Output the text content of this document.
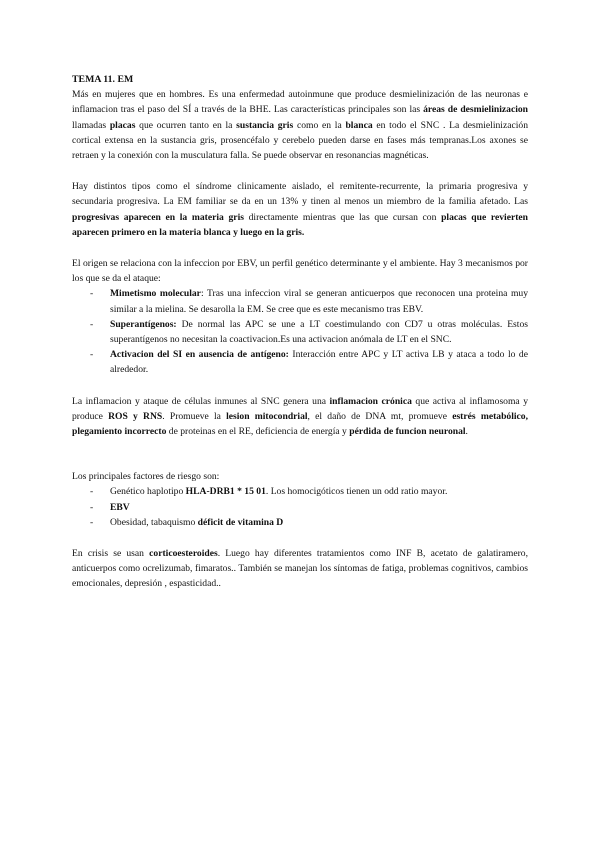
TEMA 11. EM

Más en mujeres que en hombres. Es una enfermedad autoinmune que produce desmielinización de las neuronas e inflamacion tras el paso del SÍ a través de la BHE. Las características principales son las áreas de desmielinizacion llamadas placas que ocurren tanto en la sustancia gris como en la blanca en todo el SNC . La desmielinización cortical extensa en la sustancia gris, prosencéfalo y cerebelo pueden darse en fases más tempranas.Los axones se retraen y la conexión con la musculatura falla. Se puede observar en resonancias magnéticas.

Hay distintos tipos como el síndrome clinicamente aislado, el remitente-recurrente, la primaria progresiva y secundaria progresiva. La EM familiar se da en un 13% y tinen al menos un miembro de la familia afetado. Las progresivas aparecen en la materia gris directamente mientras que las que cursan con placas que revierten aparecen primero en la materia blanca y luego en la gris.

El origen se relaciona con la infeccion por EBV, un perfil genético determinante y el ambiente. Hay 3 mecanismos por los que se da el ataque:

- Mimetismo molecular: Tras una infeccion viral se generan anticuerpos que reconocen una proteina muy similar a la mielina. Se desarolla la EM. Se cree que es este mecanismo tras EBV.
- Superantígenos: De normal las APC se une a LT coestimulando con CD7 u otras moléculas. Estos superantígenos no necesitan la coactivacion.Es una activacion anómala de LT en el SNC.
- Activacion del SI en ausencia de antígeno: Interacción entre APC y LT activa LB y ataca a todo lo de alrededor.

La inflamacion y ataque de células inmunes al SNC genera una inflamacion crónica que activa al inflamosoma y produce ROS y RNS. Promueve la lesion mitocondrial, el daño de DNA mt, promueve estrés metabólico, plegamiento incorrecto de proteinas en el RE, deficiencia de energía y pérdida de funcion neuronal.

Los principales factores de riesgo son:

- Genético haplotipo HLA-DRB1 * 15 01. Los homocigóticos tienen un odd ratio mayor.
- EBV
- Obesidad, tabaquismo déficit de vitamina D

En crisis se usan corticoesteroides. Luego hay diferentes tratamientos como INF B, acetato de galatiramero, anticuerpos como ocrelizumab, fimaratos.. También se manejan los síntomas de fatiga, problemas cognitivos, cambios emocionales, depresión , espasticidad..
